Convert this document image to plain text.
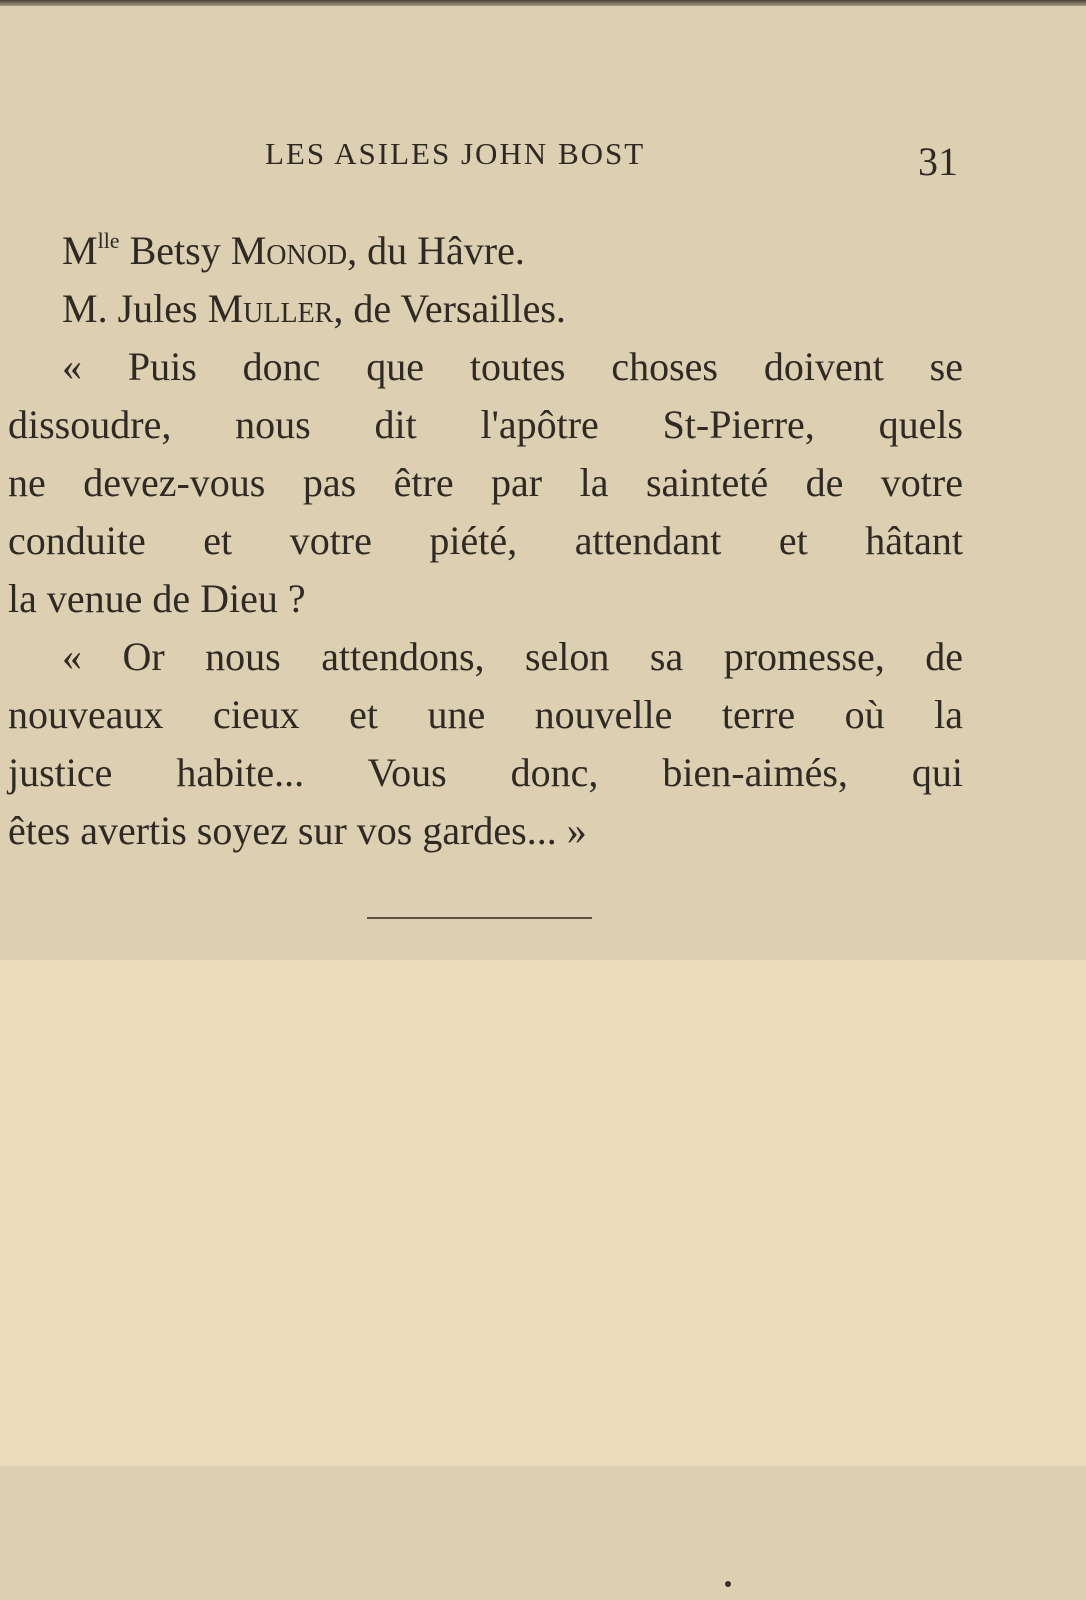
LES ASILES JOHN BOST	31
$M^{lle}$ Betsy Monod, du Hâvre.
M. Jules Muller, de Versailles.
« Puis donc que toutes choses doivent se
dissoudre, nous dit l'apôtre St-Pierre, quels
ne devez-vous pas être par la sainteté de votre
conduite et votre piété, attendant et hâtant
la venue de Dieu ?
« Or nous attendons, selon sa promesse, de
nouveaux cieux et une nouvelle terre où la
justice habite... Vous donc, bien-aimés, qui
êtes avertis soyez sur vos gardes... »
